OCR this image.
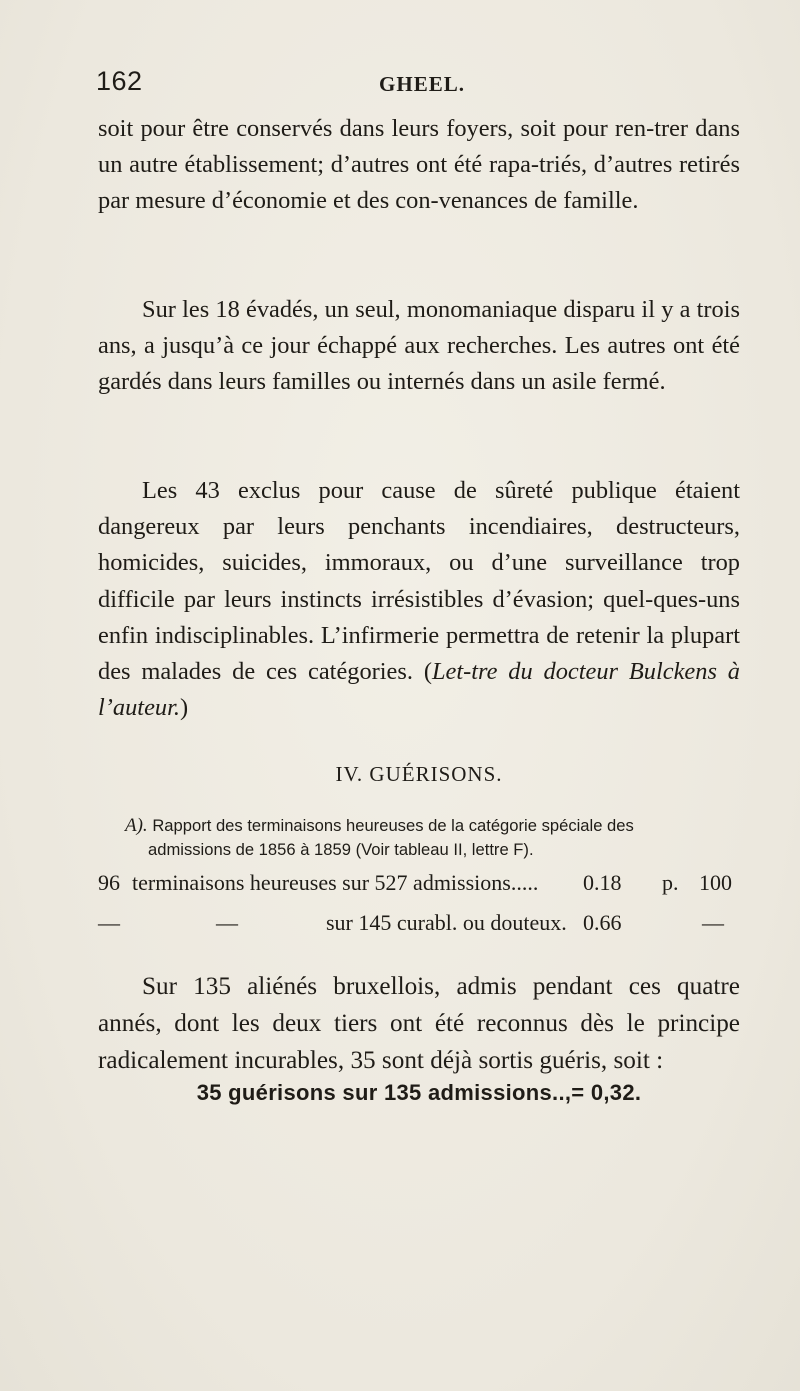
162	GHEEL.

soit pour être conservés dans leurs foyers, soit pour ren-trer dans un autre établissement; d’autres ont été rapa-triés, d’autres retirés par mesure d’économie et des con-venances de famille.

Sur les 18 évadés, un seul, monomaniaque disparu il y a trois ans, a jusqu’à ce jour échappé aux recherches. Les autres ont été gardés dans leurs familles ou internés dans un asile fermé.

Les 43 exclus pour cause de sûreté publique étaient dangereux par leurs penchants incendiaires, destructeurs, homicides, suicides, immoraux, ou d’une surveillance trop difficile par leurs instincts irrésistibles d’évasion; quel-ques-uns enfin indisciplinables. L’infirmerie permettra de retenir la plupart des malades de ces catégories. (Let-tre du docteur Bulckens à l’auteur.)

IV. GUÉRISONS.
A). Rapport des terminaisons heureuses de la catégorie spéciale des
admissions de 1856 à 1859 (Voir tableau II, lettre F).
96 terminaisons heureuses sur 527 admissions..... 0.18 p. 100
—	—	sur 145 curabl. ou douteux. 0.66	—

Sur 135 aliénés bruxellois, admis pendant ces quatre annés, dont les deux tiers ont été reconnus dès le principe radicalement incurables, 35 sont déjà sortis guéris, soit :

35 guérisons sur 135 admissions..,= 0,32.
